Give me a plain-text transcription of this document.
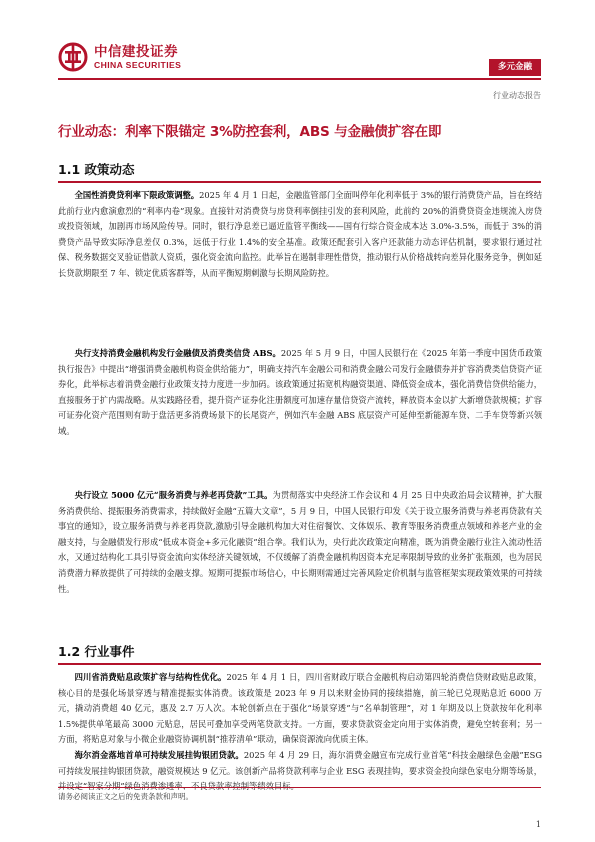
中信建投证券
CHINA SECURITIES	多元金融
行业动态报告
行业动态：利率下限锚定 3%防控套利，ABS 与金融债扩容在即
1.1 政策动态
全国性消费贷利率下限政策调整。2025 年 4 月 1 日起，金融监管部门全面叫停年化利率低于 3%的银行消费贷产品，旨在终结此前行业内愈演愈烈的“利率内卷”现象。直接针对消费贷与房贷利率倒挂引发的套利风险，此前约 20%的消费贷资金违规流入房贷或投资领域，加剧再市场风险传导。同时，银行净息差已逼近监管平衡线——国有行综合资金成本达 3.0%-3.5%，而低于 3%的消费贷产品导致实际净息差仅 0.3%，远低于行业 1.4%的安全基准。政策还配套引入客户还款能力动态评估机制，要求银行通过社保、税务数据交叉验证借款人资质，强化资金流向监控。此举旨在遏制非理性借贷，推动银行从价格战转向差异化服务竞争，例如延长贷款期限至 7 年、锁定优质客群等，从而平衡短期刺激与长期风险防控。
央行支持消费金融机构发行金融债及消费类信贷 ABS。2025 年 5 月 9 日，中国人民银行在《2025 年第一季度中国货币政策执行报告》中提出“增强消费金融机构资金供给能力”，明确支持汽车金融公司和消费金融公司发行金融债券并扩容消费类信贷资产证券化，此举标志着消费金融行业政策支持力度进一步加码。该政策通过拓宽机构融资渠道、降低资金成本，强化消费信贷供给能力，直接服务于扩内需战略。从实践路径看，提升资产证券化注册额度可加速存量信贷资产流转，释放资本金以扩大新增贷款规模；扩容可证券化资产范围则有助于盘活更多消费场景下的长尾资产，例如汽车金融 ABS 底层资产可延伸至新能源车贷、二手车贷等新兴领域。
央行设立 5000 亿元“服务消费与养老再贷款”工具。为贯彻落实中央经济工作会议和 4 月 25 日中央政治局会议精神，扩大服务消费供给、提振服务消费需求，持续做好金融“五篇大文章”，5 月 9 日，中国人民银行印发《关于设立服务消费与养老再贷款有关事宜的通知》，设立服务消费与养老再贷款,激励引导金融机构加大对住宿餐饮、文体娱乐、教育等服务消费重点领域和养老产业的金融支持，与金融债发行形成“低成本资金+多元化融资”组合拳。我们认为，央行此次政策定向精准，既为消费金融行业注入流动性活水，又通过结构化工具引导资金流向实体经济关键领域，不仅缓解了消费金融机构因资本充足率限制导致的业务扩张瓶颈，也为居民消费潜力释放提供了可持续的金融支撑。短期可提振市场信心，中长期则需通过完善风险定价机制与监管框架实现政策效果的可持续性。
1.2 行业事件
四川省消费贴息政策扩容与结构性优化。2025 年 4 月 1 日，四川省财政厅联合金融机构启动第四轮消费信贷财政贴息政策，核心目的是强化场景穿透与精准提振实体消费。该政策是 2023 年 9 月以来财金协同的接续措施，前三轮已兑现贴息近 6000 万元，撬动消费超 40 亿元，惠及 2.7 万人次。本轮创新点在于强化“场景穿透”与“名单制管理”，对 1 年期及以上贷款按年化利率 1.5%提供单笔最高 3000 元贴息，居民可叠加享受两笔贷款支持。一方面，要求贷款资金定向用于实体消费，避免空转套利；另一方面，将贴息对象与小微企业融资协调机制“推荐清单”联动，确保资源流向优质主体。
海尔消金落地首单可持续发展挂钩银团贷款。2025 年 4 月 29 日，海尔消费金融宣布完成行业首笔“科技金融绿色金融”ESG 可持续发展挂钩银团贷款，融资规模达 9 亿元。该创新产品将贷款利率与企业 ESG 表现挂钩，要求资金投向绿色家电分期等场景，
请务必阅读正文之后的免责条款和声明。
1
